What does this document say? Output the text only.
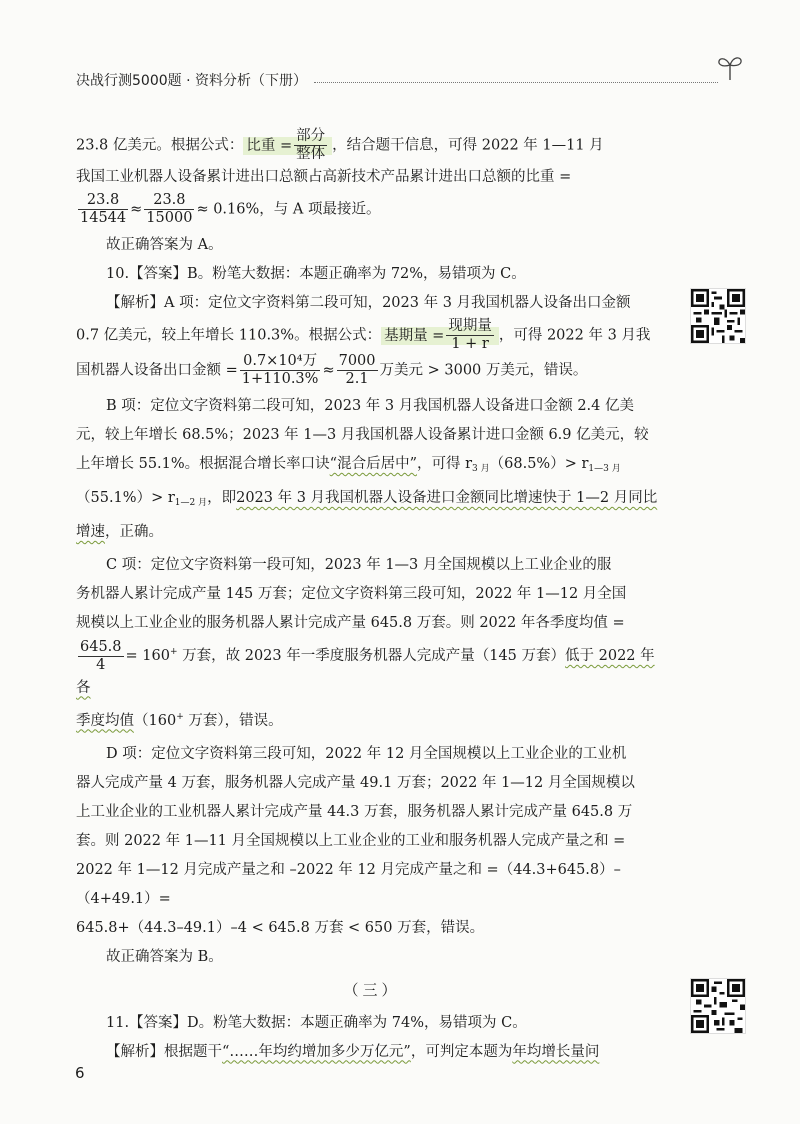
决战行测5000题 · 资料分析（下册）

23.8 亿美元。根据公式： 比重 = $\frac{\text{部分}}{\text{整体}}$ ，结合题干信息，可得 2022 年 1—11 月

我国工业机器人设备累计进出口总额占高新技术产品累计进出口总额的比重 =

$\frac{23.8}{14544} \approx \frac{23.8}{15000} \approx 0.16\%$，与 A 项最接近。

故正确答案为 A。

10.【答案】B。粉笔大数据：本题正确率为 72%，易错项为 C。

【解析】A 项：定位文字资料第二段可知，2023 年 3 月我国机器人设备出口金额

0.7 亿美元，较上年增长 110.3%。根据公式： 基期量 = $\frac{\text{现期量}}{1 + r}$ ，可得 2022 年 3 月我

国机器人设备出口金额 = $\frac{\text{0.7×10⁴万}}{1+110.3\%} \approx \frac{7000}{2.1}$ 万美元 > 3000 万美元，错误。

B 项：定位文字资料第二段可知，2023 年 3 月我国机器人设备进口金额 2.4 亿美

元，较上年增长 68.5%；2023 年 1—3 月我国机器人设备累计进口金额 6.9 亿美元，较

上年增长 55.1%。根据混合增长率口诀“混合后居中”，可得 $r_{3 月}(68.5\%)> r_{1—3 月}$

$(55.1\%)> r_{1—2 月}$，即2023 年 3 月我国机器人设备进口金额同比增速快于 1—2 月同比

增速，正确。

C 项：定位文字资料第一段可知，2023 年 1—3 月全国规模以上工业企业的服

务机器人累计完成产量 145 万套；定位文字资料第三段可知，2022 年 1—12 月全国

规模以上工业企业的服务机器人累计完成产量 645.8 万套。则 2022 年各季度均值 =

$\frac{645.8}{4} = 160^+$ 万套，故 2023 年一季度服务机器人完成产量（145 万套）低于 2022 年各

季度均值（160+ 万套），错误。

D 项：定位文字资料第三段可知，2022 年 12 月全国规模以上工业企业的工业机

器人完成产量 4 万套，服务机器人完成产量 49.1 万套；2022 年 1—12 月全国规模以

上工业企业的工业机器人累计完成产量 44.3 万套，服务机器人累计完成产量 645.8 万

套。则 2022 年 1—11 月全国规模以上工业企业的工业和服务机器人完成产量之和 =

2022 年 1—12 月完成产量之和 –2022 年 12 月完成产量之和 =（44.3+645.8）–（4+49.1）=

645.8+（44.3–49.1）–4 < 645.8 万套 < 650 万套，错误。

故正确答案为 B。

（三）

11.【答案】D。粉笔大数据：本题正确率为 74%，易错项为 C。

【解析】根据题干“……年均约增加多少万亿元”，可判定本题为年均增长量问

6
